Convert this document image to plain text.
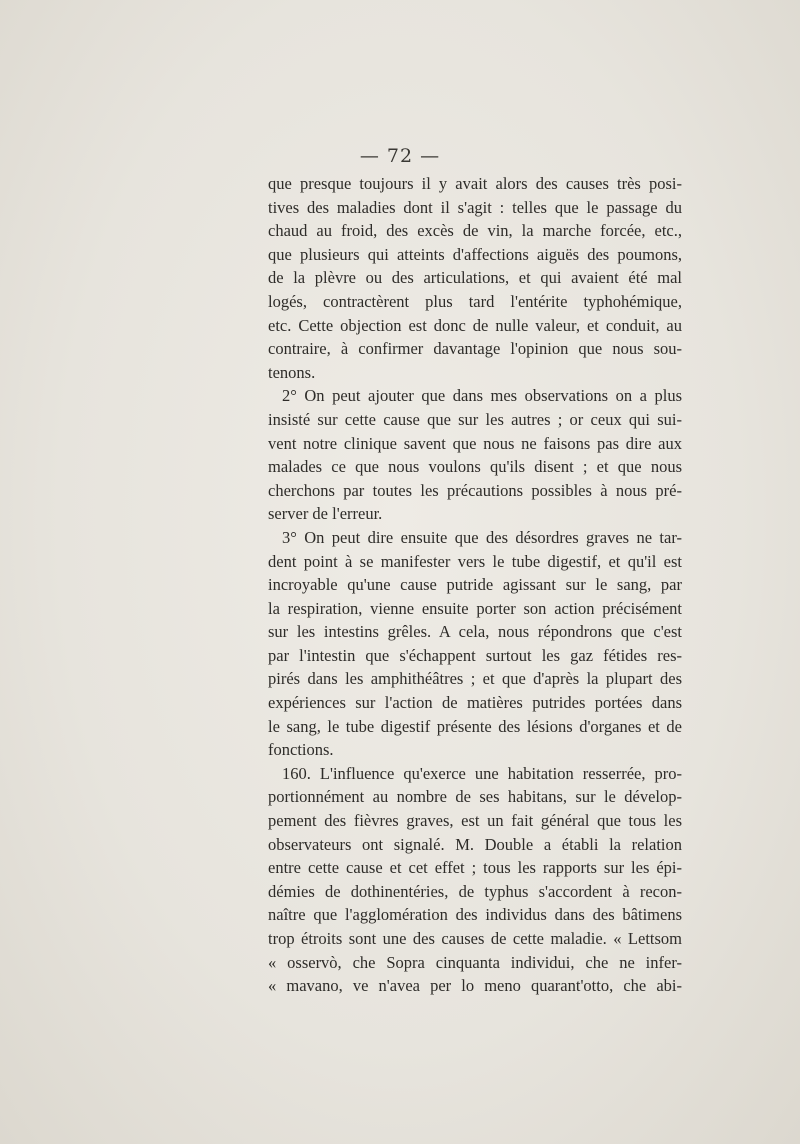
— 72 —
que presque toujours il y avait alors des causes très posi-
tives des maladies dont il s'agit : telles que le passage du
chaud au froid, des excès de vin, la marche forcée, etc.,
que plusieurs qui atteints d'affections aiguës des poumons,
de la plèvre ou des articulations, et qui avaient été mal
logés, contractèrent plus tard l'entérite typhohémique,
etc. Cette objection est donc de nulle valeur, et conduit, au
contraire, à confirmer davantage l'opinion que nous sou-
tenons.
2° On peut ajouter que dans mes observations on a plus
insisté sur cette cause que sur les autres ; or ceux qui sui-
vent notre clinique savent que nous ne faisons pas dire aux
malades ce que nous voulons qu'ils disent ; et que nous
cherchons par toutes les précautions possibles à nous pré-
server de l'erreur.
3° On peut dire ensuite que des désordres graves ne tar-
dent point à se manifester vers le tube digestif, et qu'il est
incroyable qu'une cause putride agissant sur le sang, par
la respiration, vienne ensuite porter son action précisément
sur les intestins grêles. A cela, nous répondrons que c'est
par l'intestin que s'échappent surtout les gaz fétides res-
pirés dans les amphithéâtres ; et que d'après la plupart des
expériences sur l'action de matières putrides portées dans
le sang, le tube digestif présente des lésions d'organes et de
fonctions.
160. L'influence qu'exerce une habitation resserrée, pro-
portionnément au nombre de ses habitans, sur le dévelop-
pement des fièvres graves, est un fait général que tous les
observateurs ont signalé. M. Double a établi la relation
entre cette cause et cet effet ; tous les rapports sur les épi-
démies de dothinentéries, de typhus s'accordent à recon-
naître que l'agglomération des individus dans des bâtimens
trop étroits sont une des causes de cette maladie. « Lettsom
« osservò, che Sopra cinquanta individui, che ne infer-
« mavano, ve n'avea per lo meno quarant'otto, che abi-
